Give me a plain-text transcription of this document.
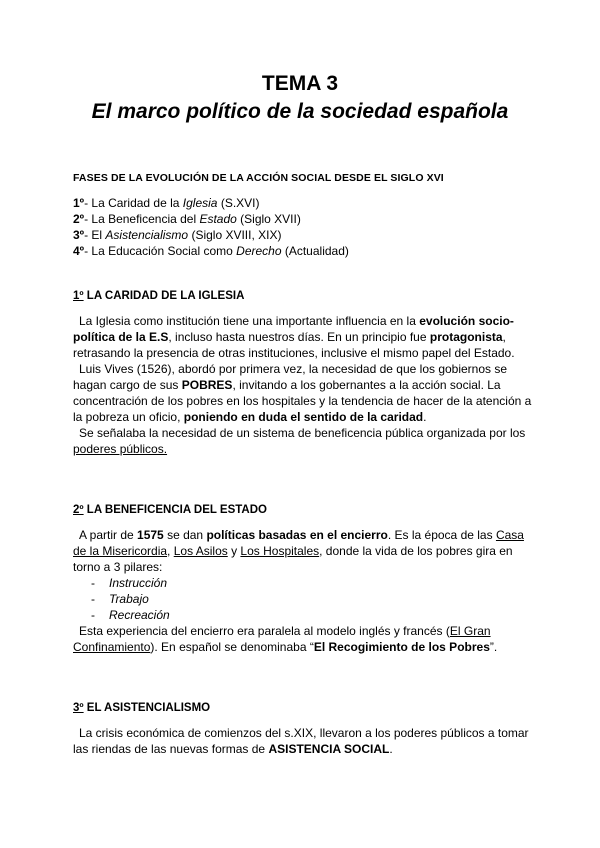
TEMA 3
El marco político de la sociedad española
FASES DE LA EVOLUCIÓN DE LA ACCIÓN SOCIAL DESDE EL SIGLO XVI
1º- La Caridad de la Iglesia (S.XVI)
2º- La Beneficencia del Estado (Siglo XVII)
3º- El Asistencialismo (Siglo XVIII, XIX)
4º- La Educación Social como Derecho (Actualidad)
1º LA CARIDAD DE LA IGLESIA

La Iglesia como institución tiene una importante influencia en la evolución socio-política de la E.S, incluso hasta nuestros días. En un principio fue protagonista, retrasando la presencia de otras instituciones, inclusive el mismo papel del Estado.

Luis Vives (1526), abordó por primera vez, la necesidad de que los gobiernos se hagan cargo de sus POBRES, invitando a los gobernantes a la acción social. La concentración de los pobres en los hospitales y la tendencia de hacer de la atención a la pobreza un oficio, poniendo en duda el sentido de la caridad.

Se señalaba la necesidad de un sistema de beneficencia pública organizada por los poderes públicos.

2º LA BENEFICENCIA DEL ESTADO

A partir de 1575 se dan políticas basadas en el encierro. Es la época de las Casa de la Misericordia, Los Asilos y Los Hospitales, donde la vida de los pobres gira en torno a 3 pilares:

- Instrucción
- Trabajo
- Recreación

Esta experiencia del encierro era paralela al modelo inglés y francés (El Gran Confinamiento). En español se denominaba “El Recogimiento de los Pobres”.

3º EL ASISTENCIALISMO

La crisis económica de comienzos del s.XIX, llevaron a los poderes públicos a tomar las riendas de las nuevas formas de ASISTENCIA SOCIAL.
